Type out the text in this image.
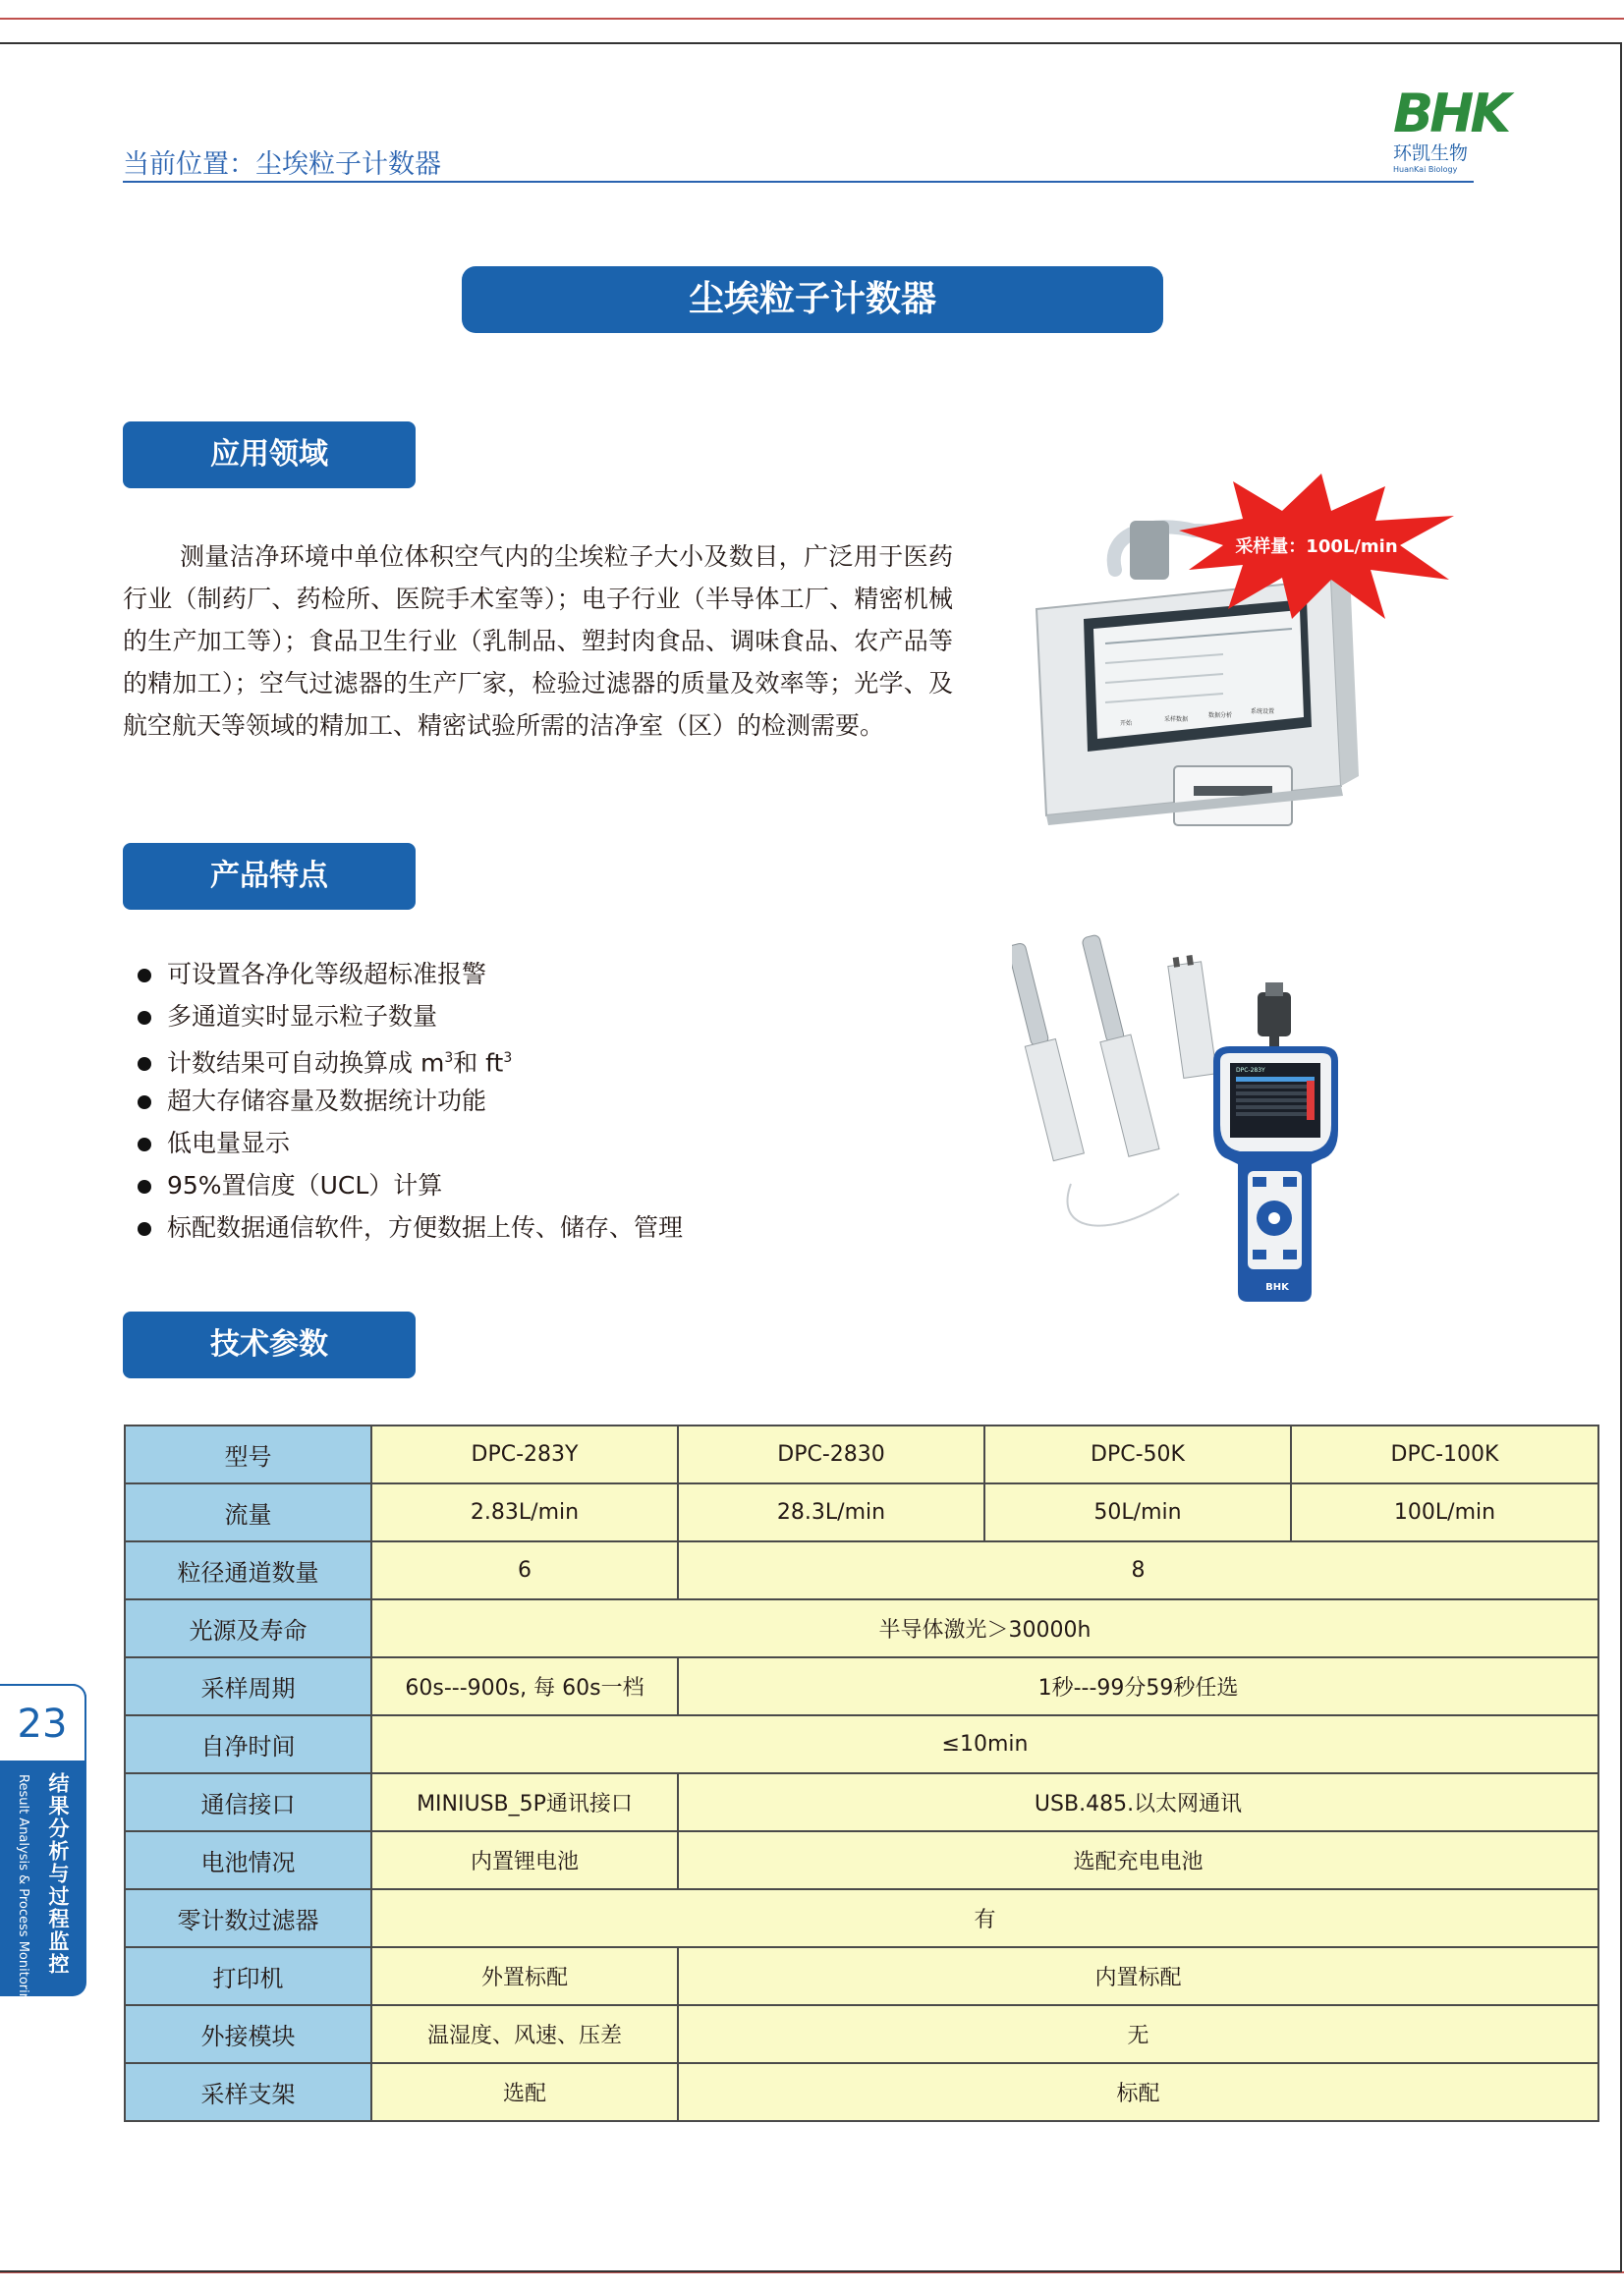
当前位置：尘埃粒子计数器
BHK
环凯生物
HuanKai Biology
尘埃粒子计数器
应用领域
测量洁净环境中单位体积空气内的尘埃粒子大小及数目，广泛用于医药行业（制药厂、药检所、医院手术室等）；电子行业（半导体工厂、精密机械的生产加工等）；食品卫生行业（乳制品、塑封肉食品、调味食品、农产品等的精加工）；空气过滤器的生产厂家，检验过滤器的质量及效率等；光学、及航空航天等领域的精加工、精密试验所需的洁净室（区）的检测需要。	开始
采样数据
数据分析
系统设置
采样量：100L/min
产品特点
可设置各净化等级超标准报警
多通道实时显示粒子数量
计数结果可自动换算成 $m^3$和 $ft^3$
超大存储容量及数据统计功能
低电量显示
95%置信度（UCL）计算
标配数据通信软件，方便数据上传、储存、管理
DPC-283Y
BHK
技术参数
型号	DPC-283Y	DPC-2830	DPC-50K	DPC-100K
流量	2.83L/min	28.3L/min	50L/min	100L/min
粒径通道数量	6	8		
光源及寿命	半导体激光＞30000h			
采样周期	60s---900s, 每 60s一档	1秒---99分59秒任选		
自净时间	≤10min			
通信接口	MINIUSB_5P通讯接口	USB.485.以太网通讯		
电池情况	内置锂电池	选配充电电池		
零计数过滤器	有			
打印机	外置标配	内置标配		
外接模块	温湿度、风速、压差	无		
采样支架	选配	标配		
23
结果分析与过程监控
Result Analysis & Process Monitoring
